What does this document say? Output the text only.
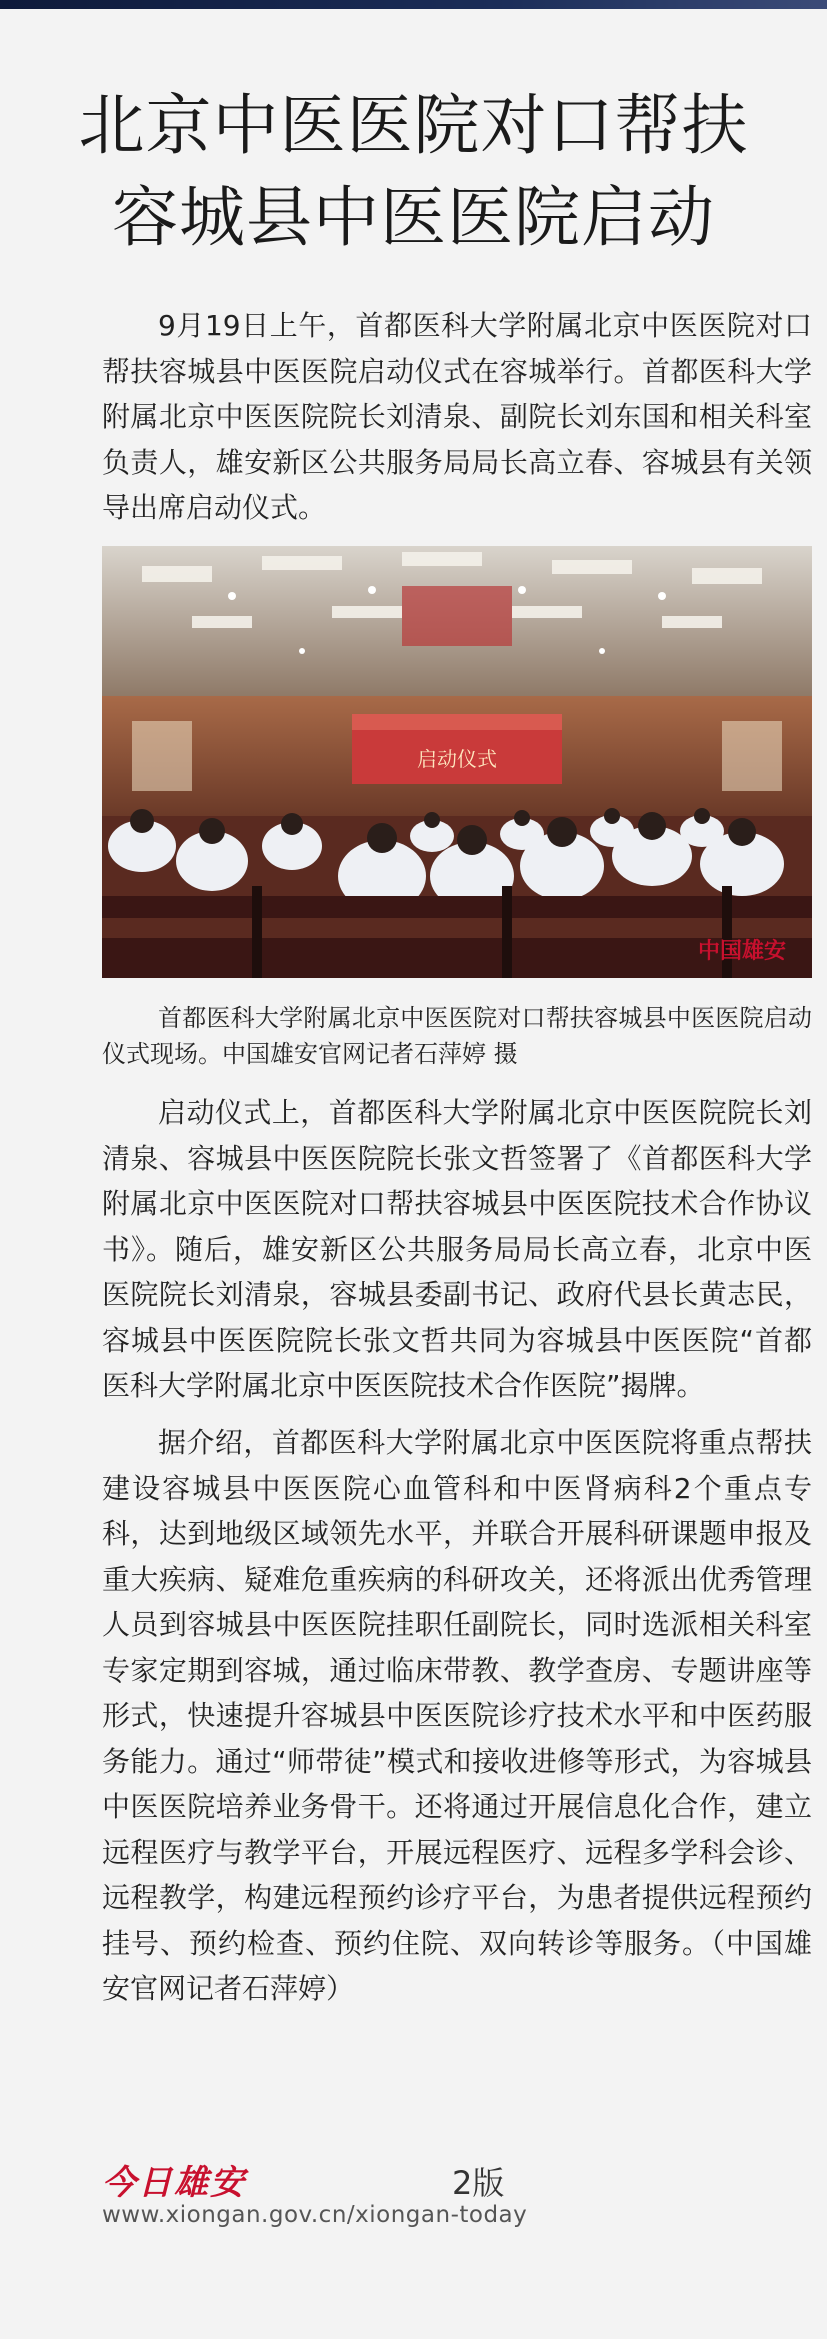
北京中医医院对口帮扶
容城县中医医院启动

9月19日上午，首都医科大学附属北京中医医院对口帮扶容城县中医医院启动仪式在容城举行。首都医科大学附属北京中医医院院长刘清泉、副院长刘东国和相关科室负责人，雄安新区公共服务局局长高立春、容城县有关领导出席启动仪式。

启动仪式
中国雄安

首都医科大学附属北京中医医院对口帮扶容城县中医医院启动仪式现场。中国雄安官网记者石萍婷 摄

启动仪式上，首都医科大学附属北京中医医院院长刘清泉、容城县中医医院院长张文哲签署了《首都医科大学附属北京中医医院对口帮扶容城县中医医院技术合作协议书》。随后，雄安新区公共服务局局长高立春，北京中医医院院长刘清泉，容城县委副书记、政府代县长黄志民，容城县中医医院院长张文哲共同为容城县中医医院“首都医科大学附属北京中医医院技术合作医院”揭牌。

据介绍，首都医科大学附属北京中医医院将重点帮扶建设容城县中医医院心血管科和中医肾病科2个重点专科，达到地级区域领先水平，并联合开展科研课题申报及重大疾病、疑难危重疾病的科研攻关，还将派出优秀管理人员到容城县中医医院挂职任副院长，同时选派相关科室专家定期到容城，通过临床带教、教学查房、专题讲座等形式，快速提升容城县中医医院诊疗技术水平和中医药服务能力。通过“师带徒”模式和接收进修等形式，为容城县中医医院培养业务骨干。还将通过开展信息化合作，建立远程医疗与教学平台，开展远程医疗、远程多学科会诊、远程教学，构建远程预约诊疗平台，为患者提供远程预约挂号、预约检查、预约住院、双向转诊等服务。（中国雄安官网记者石萍婷）

今日雄安	2版
www.xiongan.gov.cn/xiongan-today
